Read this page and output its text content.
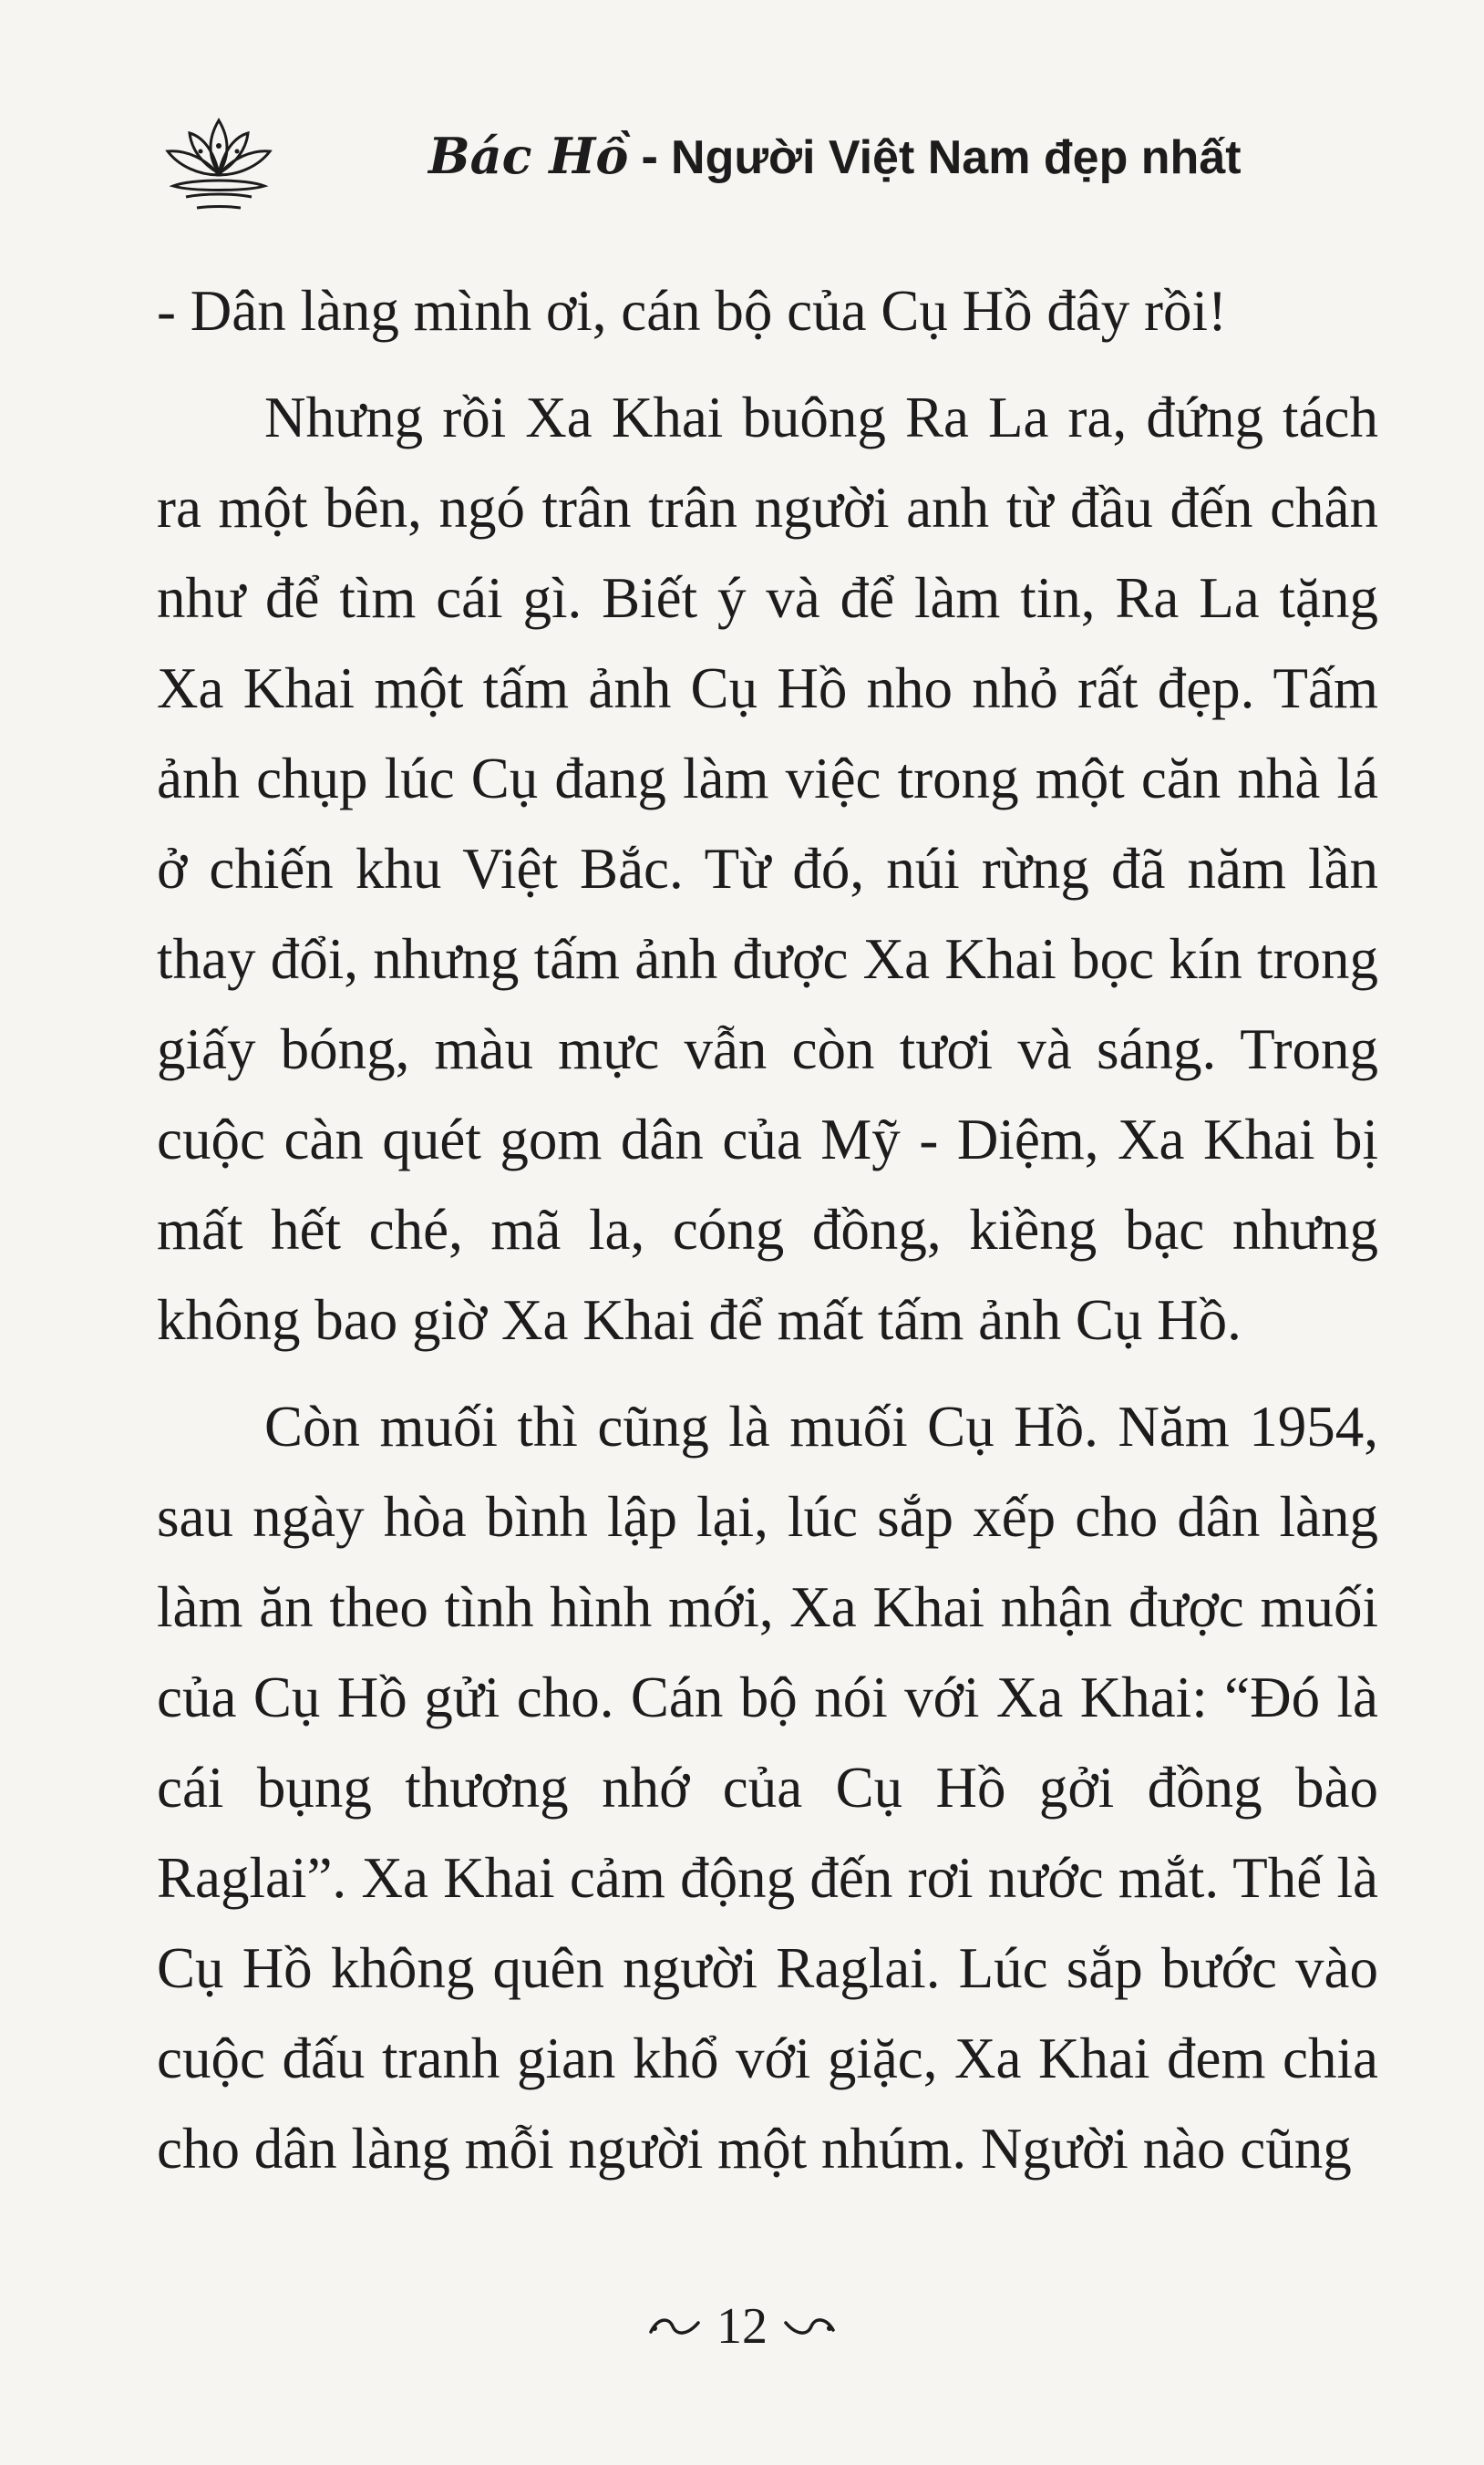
Bác Hồ - Người Việt Nam đẹp nhất

- Dân làng mình ơi, cán bộ của Cụ Hồ đây rồi!

Nhưng rồi Xa Khai buông Ra La ra, đứng tách ra một bên, ngó trân trân người anh từ đầu đến chân như để tìm cái gì. Biết ý và để làm tin, Ra La tặng Xa Khai một tấm ảnh Cụ Hồ nho nhỏ rất đẹp. Tấm ảnh chụp lúc Cụ đang làm việc trong một căn nhà lá ở chiến khu Việt Bắc. Từ đó, núi rừng đã năm lần thay đổi, nhưng tấm ảnh được Xa Khai bọc kín trong giấy bóng, màu mực vẫn còn tươi và sáng. Trong cuộc càn quét gom dân của Mỹ - Diệm, Xa Khai bị mất hết ché, mã la, cóng đồng, kiềng bạc nhưng không bao giờ Xa Khai để mất tấm ảnh Cụ Hồ.

Còn muối thì cũng là muối Cụ Hồ. Năm 1954, sau ngày hòa bình lập lại, lúc sắp xếp cho dân làng làm ăn theo tình hình mới, Xa Khai nhận được muối của Cụ Hồ gửi cho. Cán bộ nói với Xa Khai: “Đó là cái bụng thương nhớ của Cụ Hồ gởi đồng bào Raglai”. Xa Khai cảm động đến rơi nước mắt. Thế là Cụ Hồ không quên người Raglai. Lúc sắp bước vào cuộc đấu tranh gian khổ với giặc, Xa Khai đem chia cho dân làng mỗi người một nhúm. Người nào cũng

12
